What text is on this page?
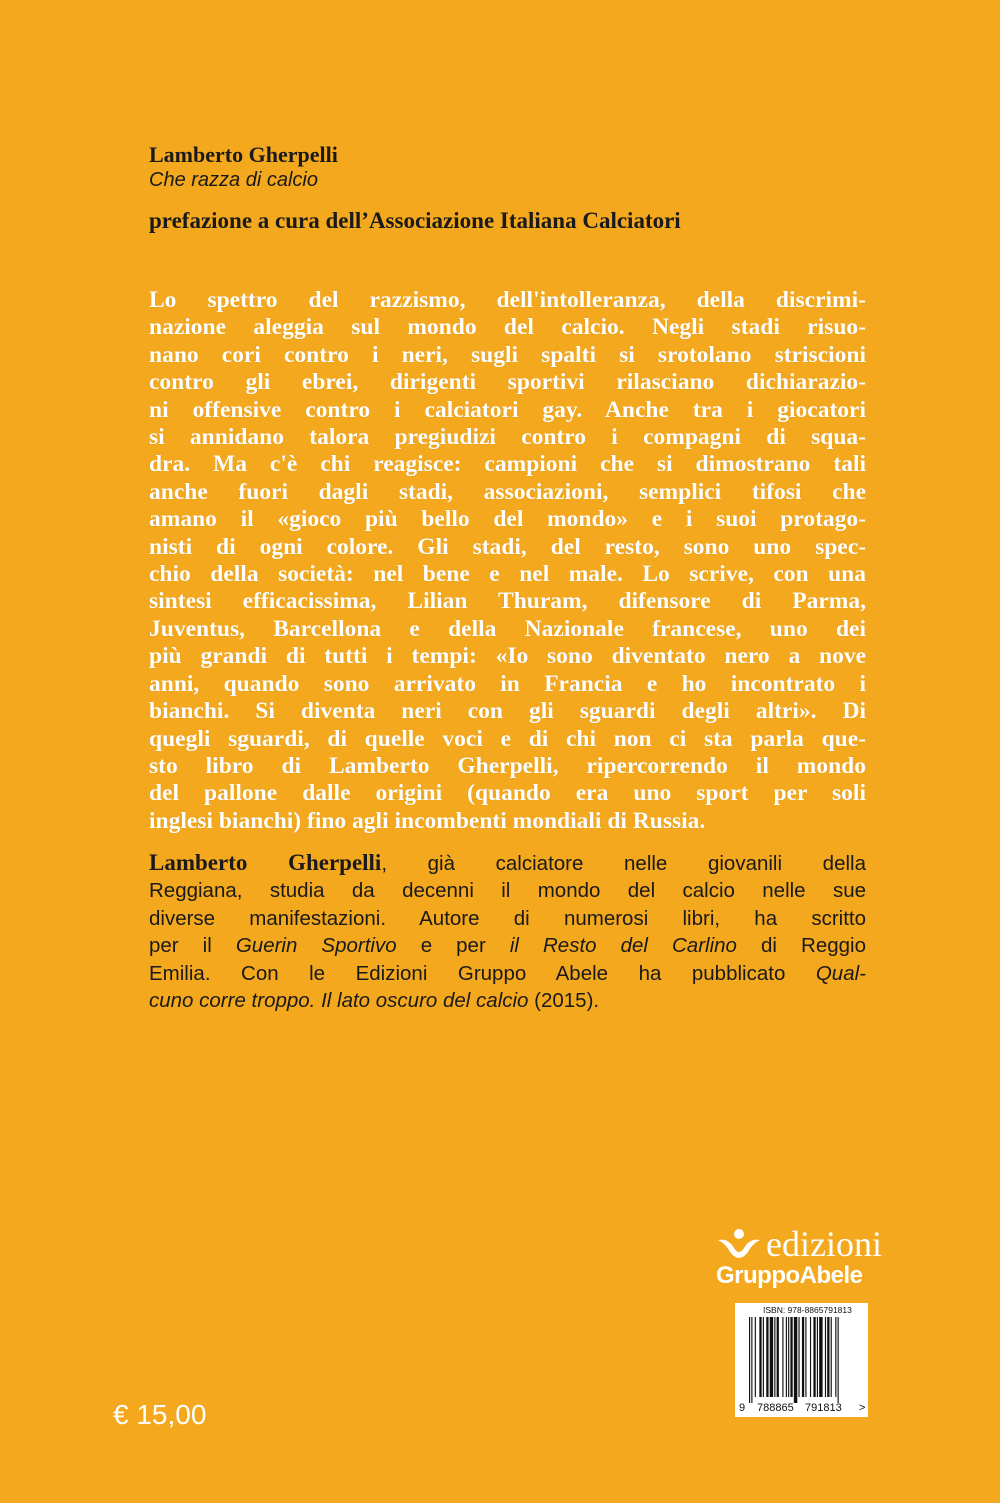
Lamberto Gherpelli
Che razza di calcio
prefazione a cura dell’Associazione Italiana Calciatori

Lo spettro del razzismo, dell'intolleranza, della discrimi-
nazione aleggia sul mondo del calcio. Negli stadi risuo-
nano cori contro i neri, sugli spalti si srotolano striscioni
contro gli ebrei, dirigenti sportivi rilasciano dichiarazio-
ni offensive contro i calciatori gay. Anche tra i giocatori
si annidano talora pregiudizi contro i compagni di squa-
dra. Ma c'è chi reagisce: campioni che si dimostrano tali
anche fuori dagli stadi, associazioni, semplici tifosi che
amano il «gioco più bello del mondo» e i suoi protago-
nisti di ogni colore. Gli stadi, del resto, sono uno spec-
chio della società: nel bene e nel male. Lo scrive, con una
sintesi efficacissima, Lilian Thuram, difensore di Parma,
Juventus, Barcellona e della Nazionale francese, uno dei
più grandi di tutti i tempi: «Io sono diventato nero a nove
anni, quando sono arrivato in Francia e ho incontrato i
bianchi. Si diventa neri con gli sguardi degli altri». Di
quegli sguardi, di quelle voci e di chi non ci sta parla que-
sto libro di Lamberto Gherpelli, ripercorrendo il mondo
del pallone dalle origini (quando era uno sport per soli
inglesi bianchi) fino agli incombenti mondiali di Russia.

Lamberto Gherpelli, già calciatore nelle giovanili della
Reggiana, studia da decenni il mondo del calcio nelle sue
diverse manifestazioni. Autore di numerosi libri, ha scritto
per il Guerin Sportivo e per il Resto del Carlino di Reggio
Emilia. Con le Edizioni Gruppo Abele ha pubblicato Qual-
cuno corre troppo. Il lato oscuro del calcio (2015).

edizioni
GruppoAbele
ISBN: 978-8865791813
9 788865 791813 >
€ 15,00
